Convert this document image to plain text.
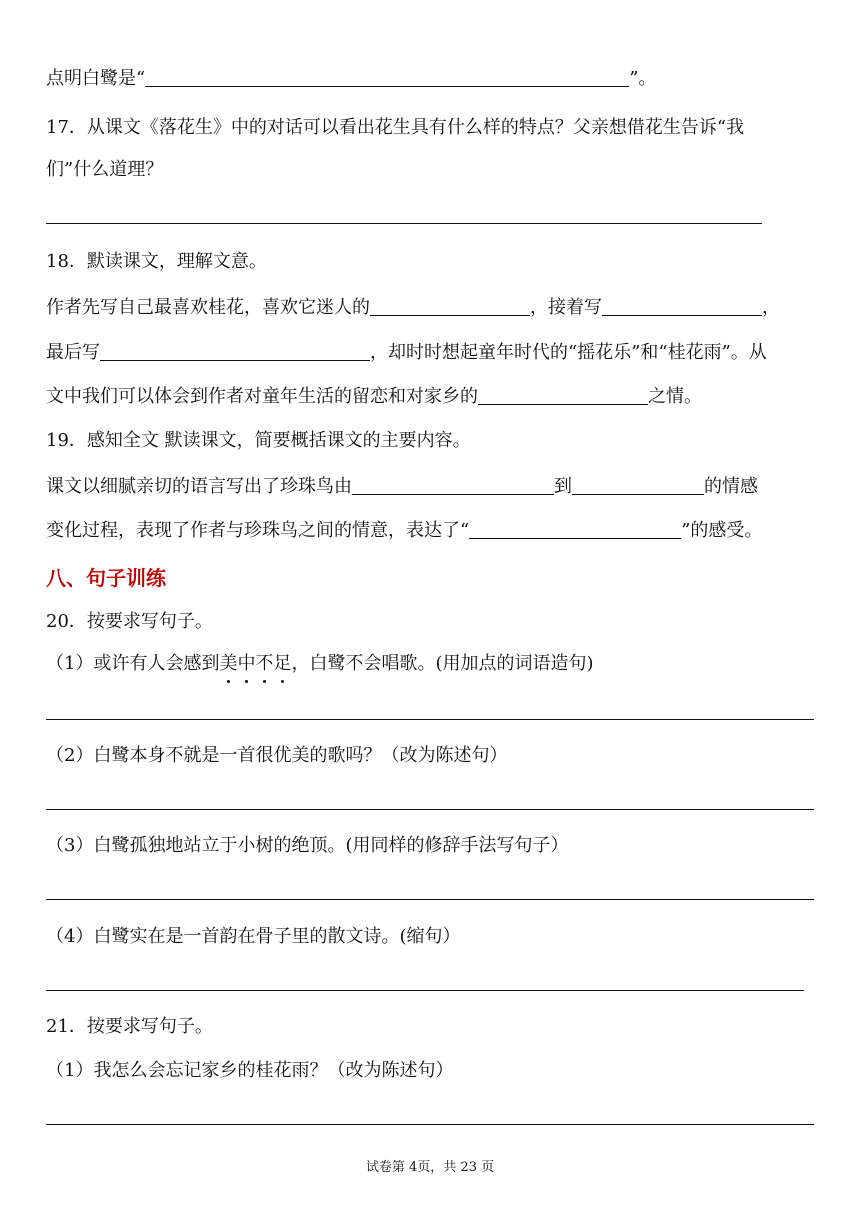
点明白鹭是“	”。
17．从课文《落花生》中的对话可以看出花生具有什么样的特点？父亲想借花生告诉“我
们”什么道理？
18．默读课文，理解文意。
作者先写自己最喜欢桂花，喜欢它迷人的	，接着写	，
最后写	，却时时想起童年时代的“摇花乐”和“桂花雨”。从
文中我们可以体会到作者对童年生活的留恋和对家乡的	之情。
19．感知全文 默读课文，简要概括课文的主要内容。
课文以细腻亲切的语言写出了珍珠鸟由	到	的情感
变化过程，表现了作者与珍珠鸟之间的情意，表达了“	”的感受。
八、句子训练
20．按要求写句子。
（1）或许有人会感到美
中
不
足
，白鹭不会唱歌。(用加点的词语造句)
（2）白鹭本身不就是一首很优美的歌吗？（改为陈述句）
（3）白鹭孤独地站立于小树的绝顶。(用同样的修辞手法写句子）
（4）白鹭实在是一首韵在骨子里的散文诗。(缩句）
21．按要求写句子。
（1）我怎么会忘记家乡的桂花雨？（改为陈述句）
试卷第 4页，共 23 页
